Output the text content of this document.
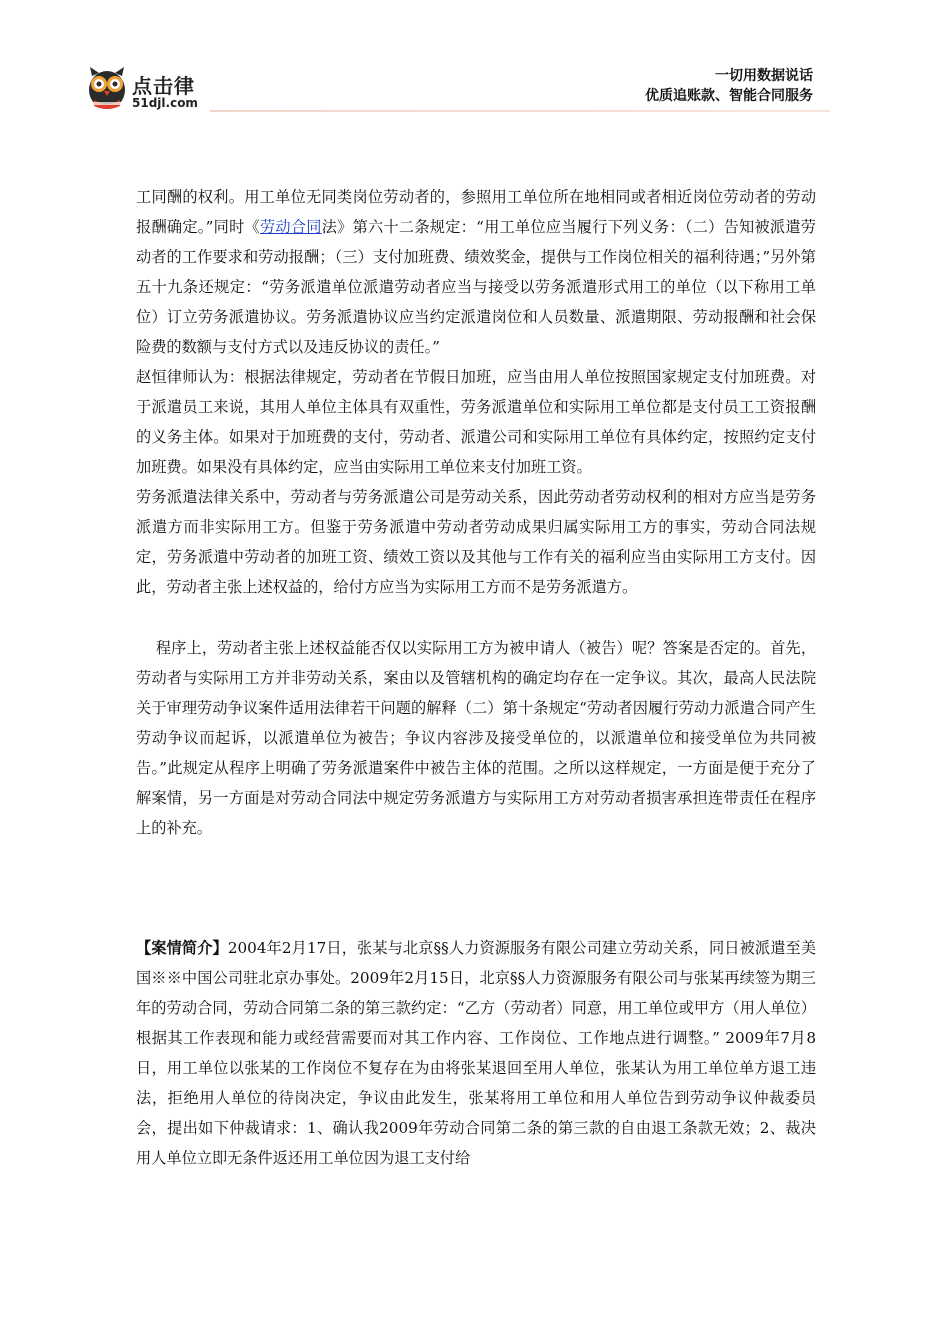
点击律
51djl.com
一切用数据说话
优质追账款、智能合同服务

工同酬的权利。用工单位无同类岗位劳动者的，参照用工单位所在地相同或者相近岗位劳动者的劳动报酬确定。”同时《劳动合同法》第六十二条规定：“用工单位应当履行下列义务：（二）告知被派遣劳动者的工作要求和劳动报酬；（三）支付加班费、绩效奖金，提供与工作岗位相关的福利待遇；”另外第五十九条还规定：“劳务派遣单位派遣劳动者应当与接受以劳务派遣形式用工的单位（以下称用工单位）订立劳务派遣协议。劳务派遣协议应当约定派遣岗位和人员数量、派遣期限、劳动报酬和社会保险费的数额与支付方式以及违反协议的责任。”

赵恒律师认为：根据法律规定，劳动者在节假日加班，应当由用人单位按照国家规定支付加班费。对于派遣员工来说，其用人单位主体具有双重性，劳务派遣单位和实际用工单位都是支付员工工资报酬的义务主体。如果对于加班费的支付，劳动者、派遣公司和实际用工单位有具体约定，按照约定支付加班费。如果没有具体约定，应当由实际用工单位来支付加班工资。

劳务派遣法律关系中，劳动者与劳务派遣公司是劳动关系，因此劳动者劳动权利的相对方应当是劳务派遣方而非实际用工方。但鉴于劳务派遣中劳动者劳动成果归属实际用工方的事实，劳动合同法规定，劳务派遣中劳动者的加班工资、绩效工资以及其他与工作有关的福利应当由实际用工方支付。因此，劳动者主张上述权益的，给付方应当为实际用工方而不是劳务派遣方。

程序上，劳动者主张上述权益能否仅以实际用工方为被申请人（被告）呢？答案是否定的。首先，劳动者与实际用工方并非劳动关系，案由以及管辖机构的确定均存在一定争议。其次，最高人民法院关于审理劳动争议案件适用法律若干问题的解释（二）第十条规定“劳动者因履行劳动力派遣合同产生劳动争议而起诉，以派遣单位为被告；争议内容涉及接受单位的，以派遣单位和接受单位为共同被告。”此规定从程序上明确了劳务派遣案件中被告主体的范围。之所以这样规定，一方面是便于充分了解案情，另一方面是对劳动合同法中规定劳务派遣方与实际用工方对劳动者损害承担连带责任在程序上的补充。

【案情简介】2004年2月17日，张某与北京§§人力资源服务有限公司建立劳动关系，同日被派遣至美国※※中国公司驻北京办事处。2009年2月15日，北京§§人力资源服务有限公司与张某再续签为期三年的劳动合同，劳动合同第二条的第三款约定：“乙方（劳动者）同意，用工单位或甲方（用人单位）根据其工作表现和能力或经营需要而对其工作内容、工作岗位、工作地点进行调整。” 2009年7月8日，用工单位以张某的工作岗位不复存在为由将张某退回至用人单位，张某认为用工单位单方退工违法，拒绝用人单位的待岗决定，争议由此发生，张某将用工单位和用人单位告到劳动争议仲裁委员会，提出如下仲裁请求：1、确认我2009年劳动合同第二条的第三款的自由退工条款无效；2、裁决用人单位立即无条件返还用工单位因为退工支付给
